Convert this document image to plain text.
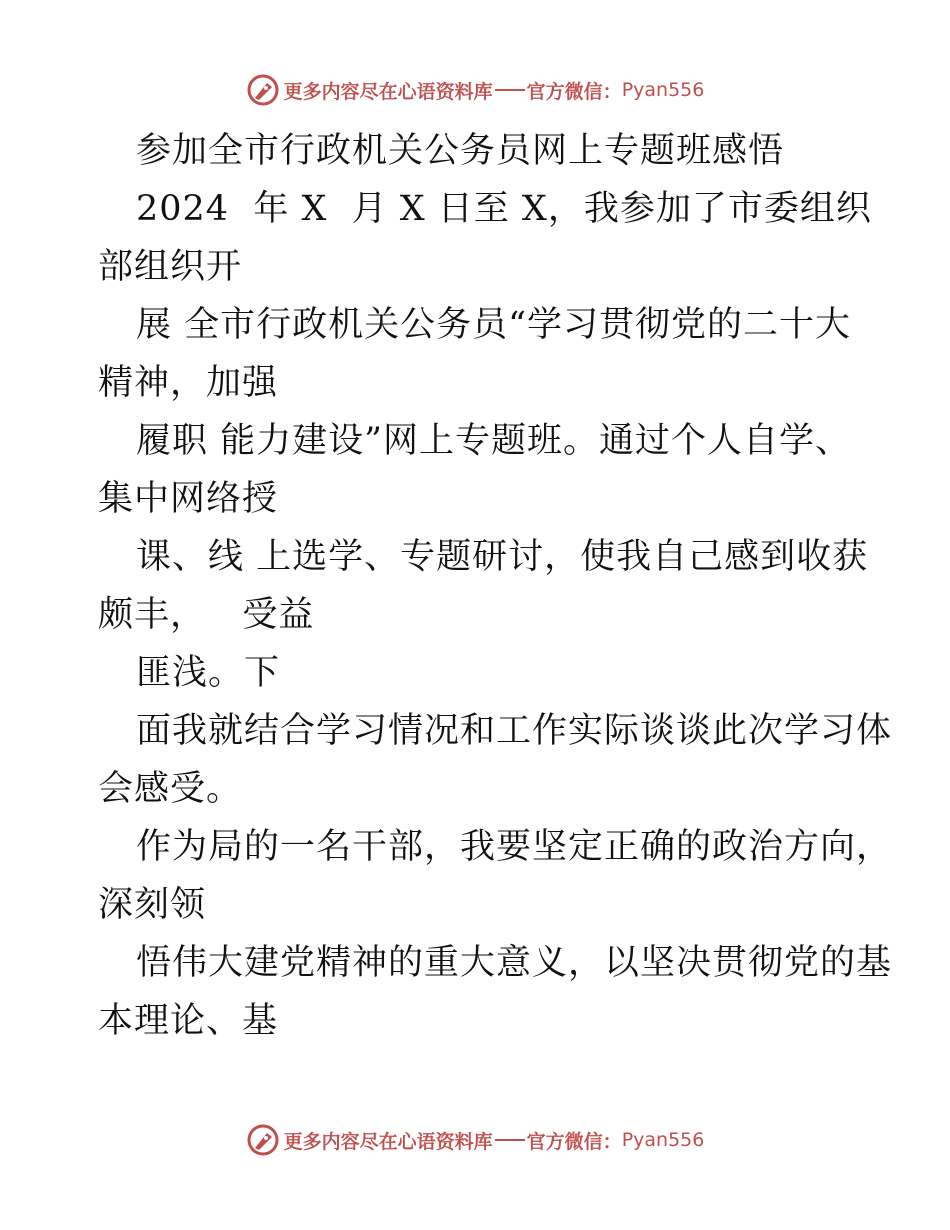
更多内容尽在心语资料库 官方微信： Pyan556
参加全市行政机关公务员网上专题班感悟
2024  年 X  月 X 日至 X，我参加了市委组织
部组织开
展 全市行政机关公务员“学习贯彻党的二十大
精神，加强
履职 能力建设”网上专题班。通过个人自学、
集中网络授
课、线 上选学、专题研讨，使我自己感到收获
颇丰，   受益
匪浅。下
面我就结合学习情况和工作实际谈谈此次学习体
会感受。
作为局的一名干部，我要坚定正确的政治方向，
深刻领
悟伟大建党精神的重大意义，以坚决贯彻党的基
本理论、基
更多内容尽在心语资料库 官方微信： Pyan556
